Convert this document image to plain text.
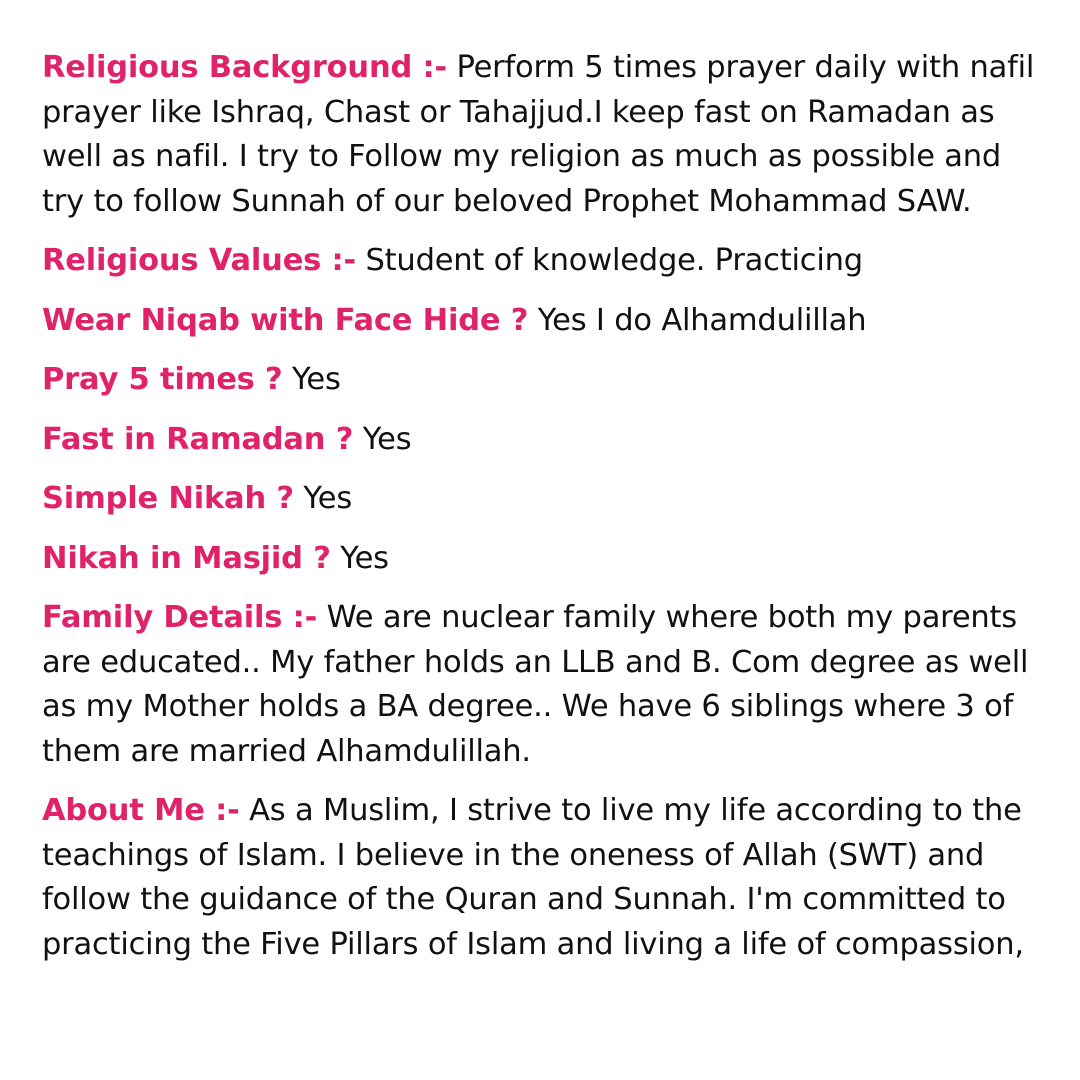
Religious Background :- Perform 5 times prayer daily with nafil prayer like Ishraq, Chast or Tahajjud.I keep fast on Ramadan as well as nafil. I try to Follow my religion as much as possible and try to follow Sunnah of our beloved Prophet Mohammad SAW.

Religious Values :- Student of knowledge. Practicing

Wear Niqab with Face Hide ? Yes I do Alhamdulillah

Pray 5 times ? Yes

Fast in Ramadan ? Yes

Simple Nikah ? Yes

Nikah in Masjid ? Yes

Family Details :- We are nuclear family where both my parents are educated.. My father holds an LLB and B. Com degree as well as my Mother holds a BA degree.. We have 6 siblings where 3 of them are married Alhamdulillah.

About Me :- As a Muslim, I strive to live my life according to the teachings of Islam. I believe in the oneness of Allah (SWT) and follow the guidance of the Quran and Sunnah. I'm committed to practicing the Five Pillars of Islam and living a life of compassion,
